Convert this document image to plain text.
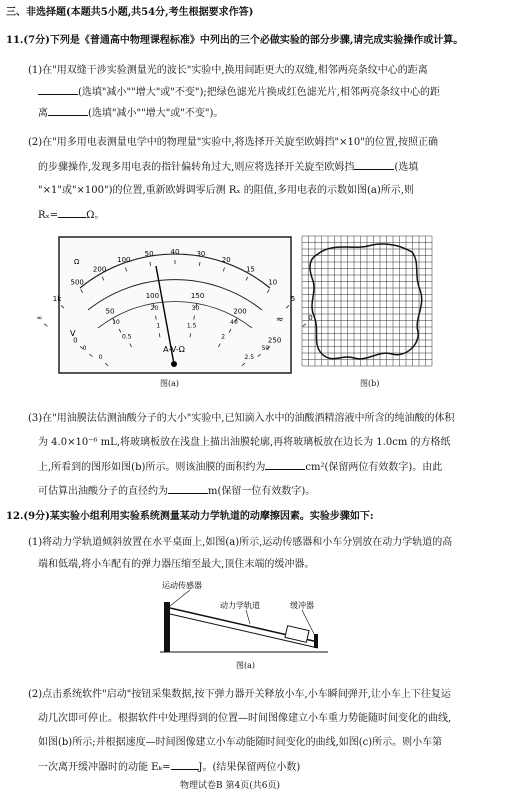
三、非选择题(本题共5小题,共54分,考生根据要求作答)
11.(7分)下列是《普通高中物理课程标准》中列出的三个必做实验的部分步骤,请完成实验操作或计算。
(1)在"用双缝干涉实验测量光的波长"实验中,换用间距更大的双缝,相邻两亮条纹中心的距离
(选填"减小""增大"或"不变");把绿色滤光片换成红色滤光片,相邻两亮条纹中心的距
离	(选填"减小""增大"或"不变")。
(2)在"用多用电表测量电学中的物理量"实验中,将选择开关旋至欧姆挡"×10"的位置,按照正确
的步骤操作,发现多用电表的指针偏转角过大,则应将选择开关旋至欧姆挡	(选填
"×1"或"×100")的位置,重新欧姆调零后测 Rₓ 的阻值,多用电表的示数如图(a)所示,则
Rₓ=	Ω。
∞
1k
500
200
100
50 40 30
20
15
10
5
0
0
50
100	150
200
250
0
10
20	30
40
50
0
0.5
1	1.5
2
2.5
A-V-Ω
Ω
V
≈
图(a)	图(b)
(3)在"用油膜法估测油酸分子的大小"实验中,已知滴入水中的油酸酒精溶液中所含的纯油酸的体积
为 4.0×10⁻⁶ mL,将玻璃板放在浅盘上描出油膜轮廓,再将玻璃板放在边长为 1.0cm 的方格纸
上,所看到的图形如图(b)所示。则该油膜的面积约为	cm²(保留两位有效数字)。由此
可估算出油酸分子的直径约为	m(保留一位有效数字)。
12.(9分)某实验小组利用实验系统测量某动力学轨道的动摩擦因素。实验步骤如下:
(1)将动力学轨道倾斜放置在水平桌面上,如图(a)所示,运动传感器和小车分别放在动力学轨道的高
端和低端,将小车配有的弹力器压缩至最大,顶住末端的缓冲器。
运动传感器
动力学轨道	缓冲器
图(a)
(2)点击系统软件"启动"按钮采集数据,按下弹力器开关释放小车,小车瞬间弹开,让小车上下往复运
动几次即可停止。根据软件中处理得到的位置—时间图像建立小车重力势能随时间变化的曲线,
如图(b)所示;并根据速度—时间图像建立小车动能随时间变化的曲线,如图(c)所示。则小车第
一次离开缓冲器时的动能 Eₖ=	J。(结果保留两位小数)
物理试卷B 第4页(共6页)
